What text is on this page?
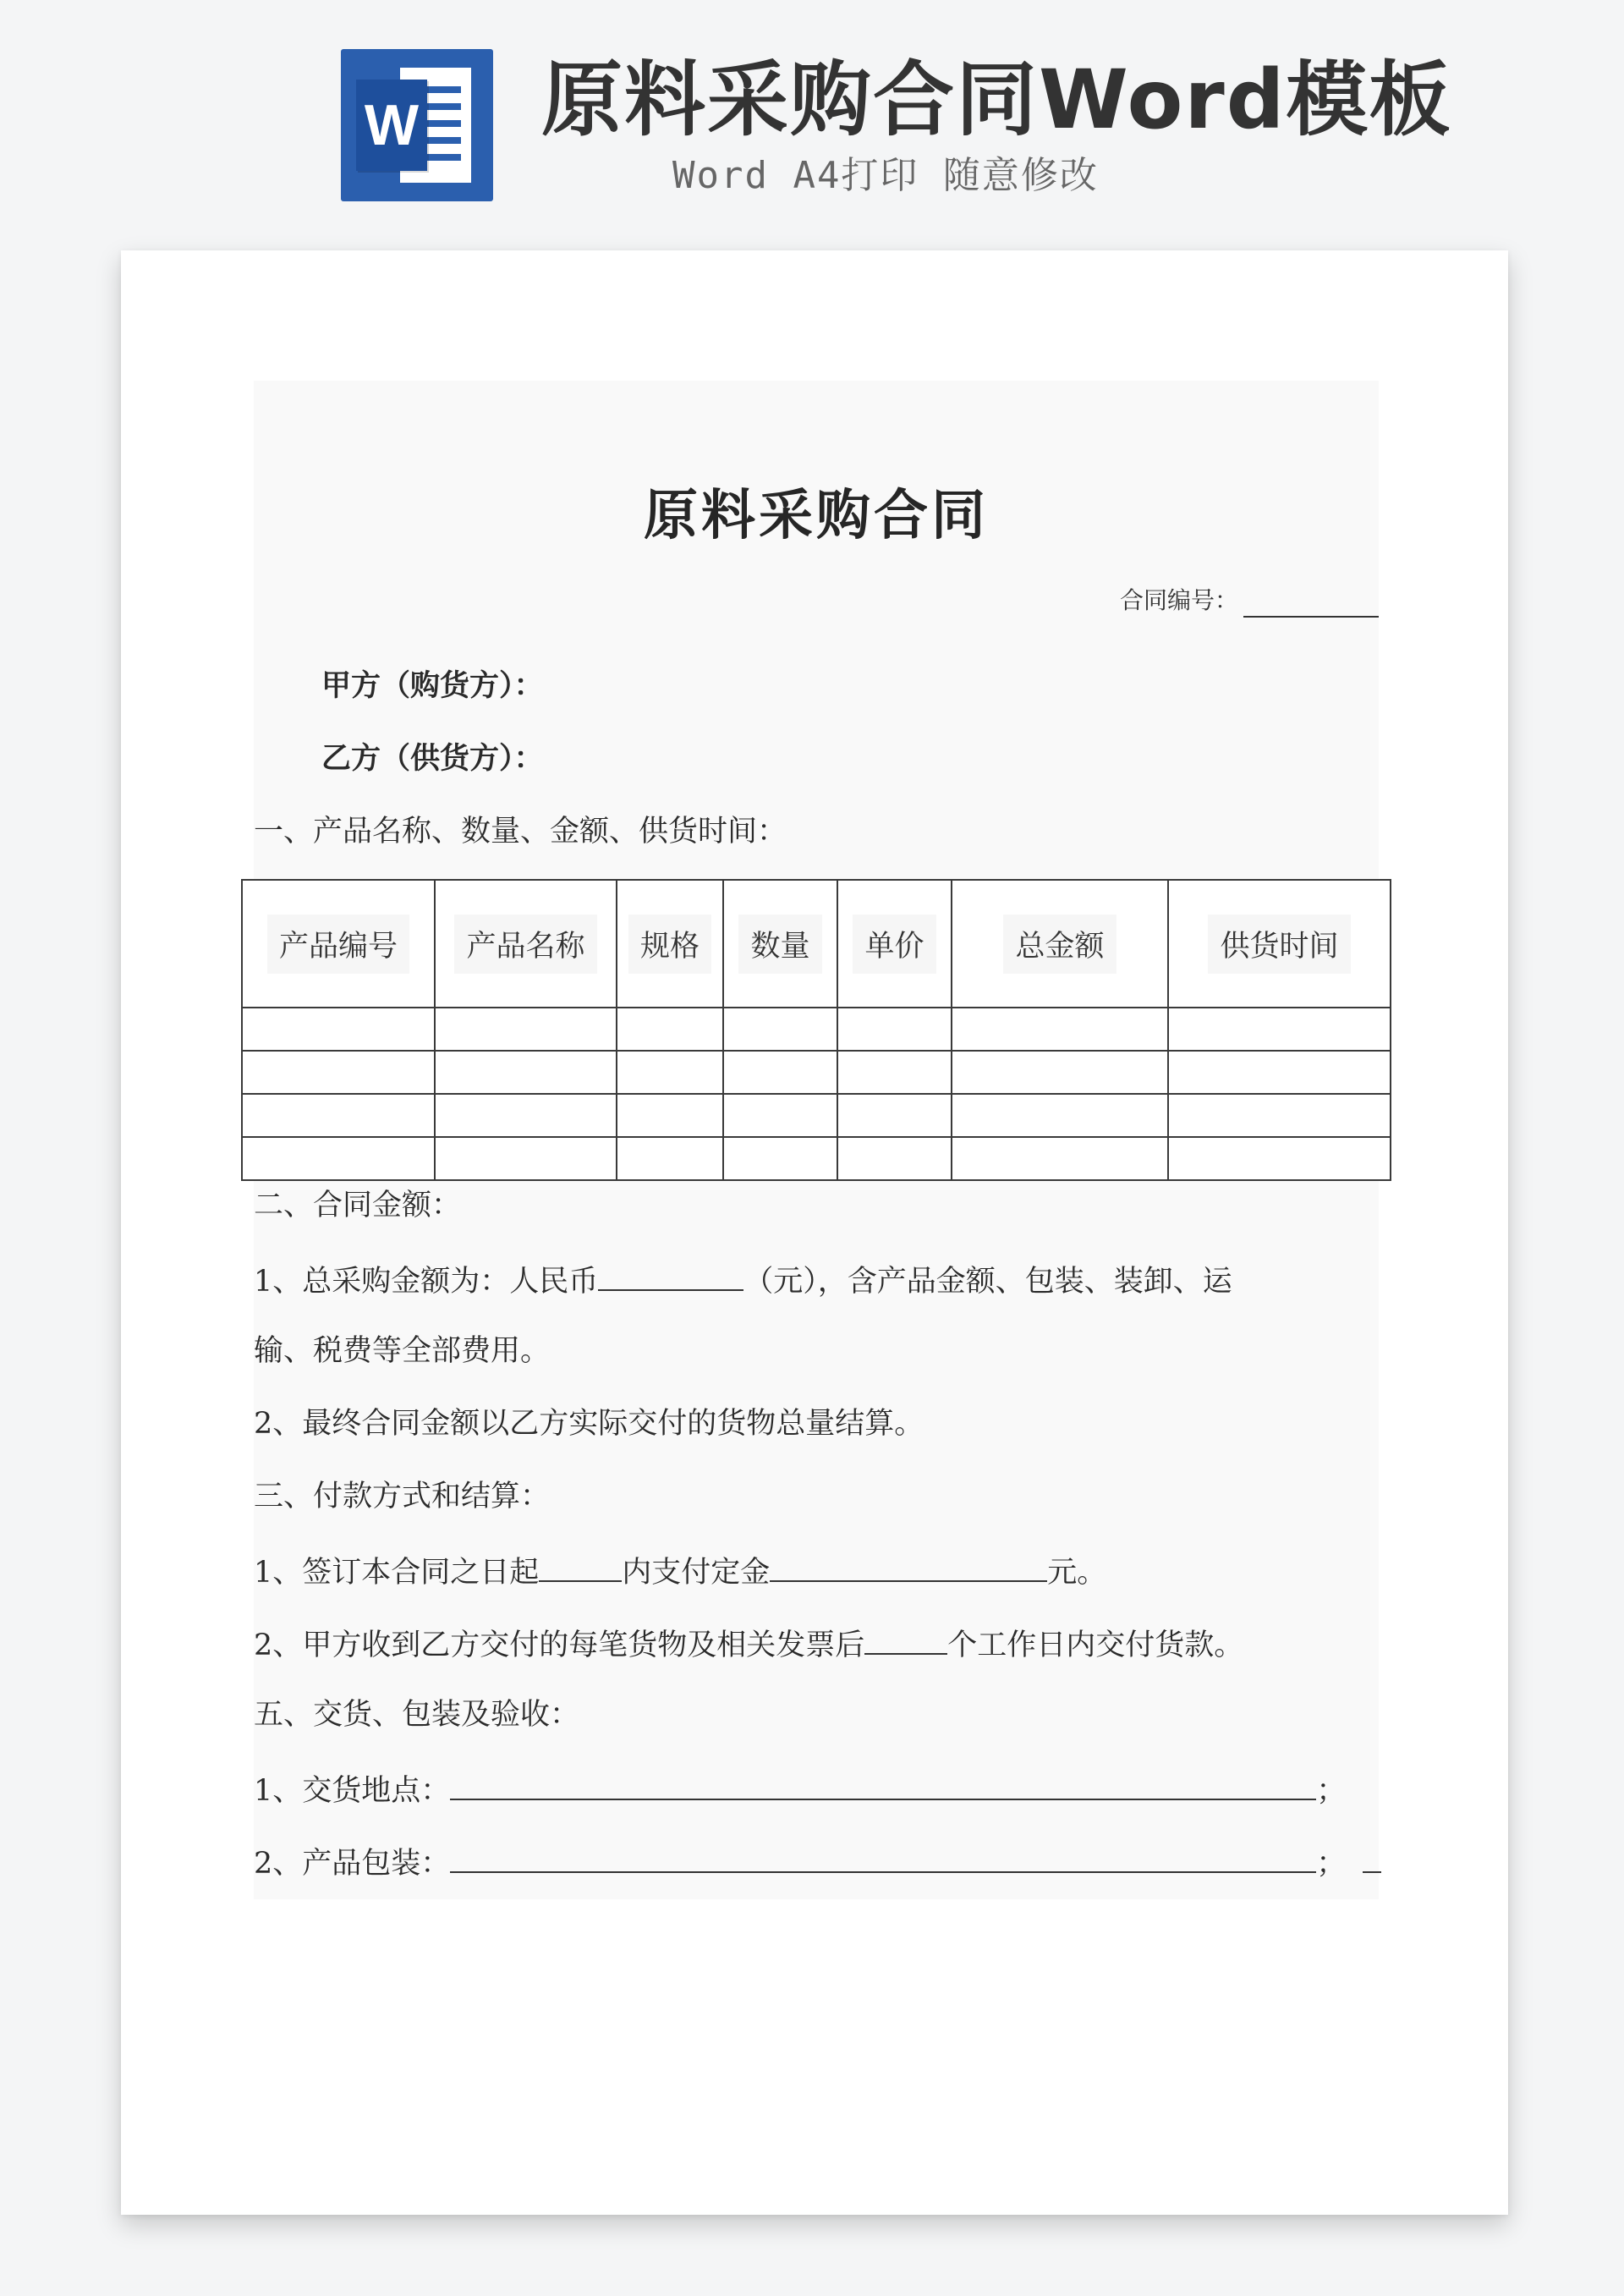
W 原料采购合同Word模板
Word A4打印 随意修改
原料采购合同
合同编号：
甲方（购货方）：
乙方（供货方）：
一、产品名称、数量、金额、供货时间：
产品编号	产品名称	规格	数量	单价	总金额	供货时间

二、合同金额：
1、总采购金额为：人民币	（元），含产品金额、包装、装卸、运
输、税费等全部费用。
2、最终合同金额以乙方实际交付的货物总量结算。
三、付款方式和结算：
1、签订本合同之日起	内支付定金	元。
2、甲方收到乙方交付的每笔货物及相关发票后	个工作日内交付货款。
五、交货、包装及验收：
1、交货地点：	；
2、产品包装：	；
